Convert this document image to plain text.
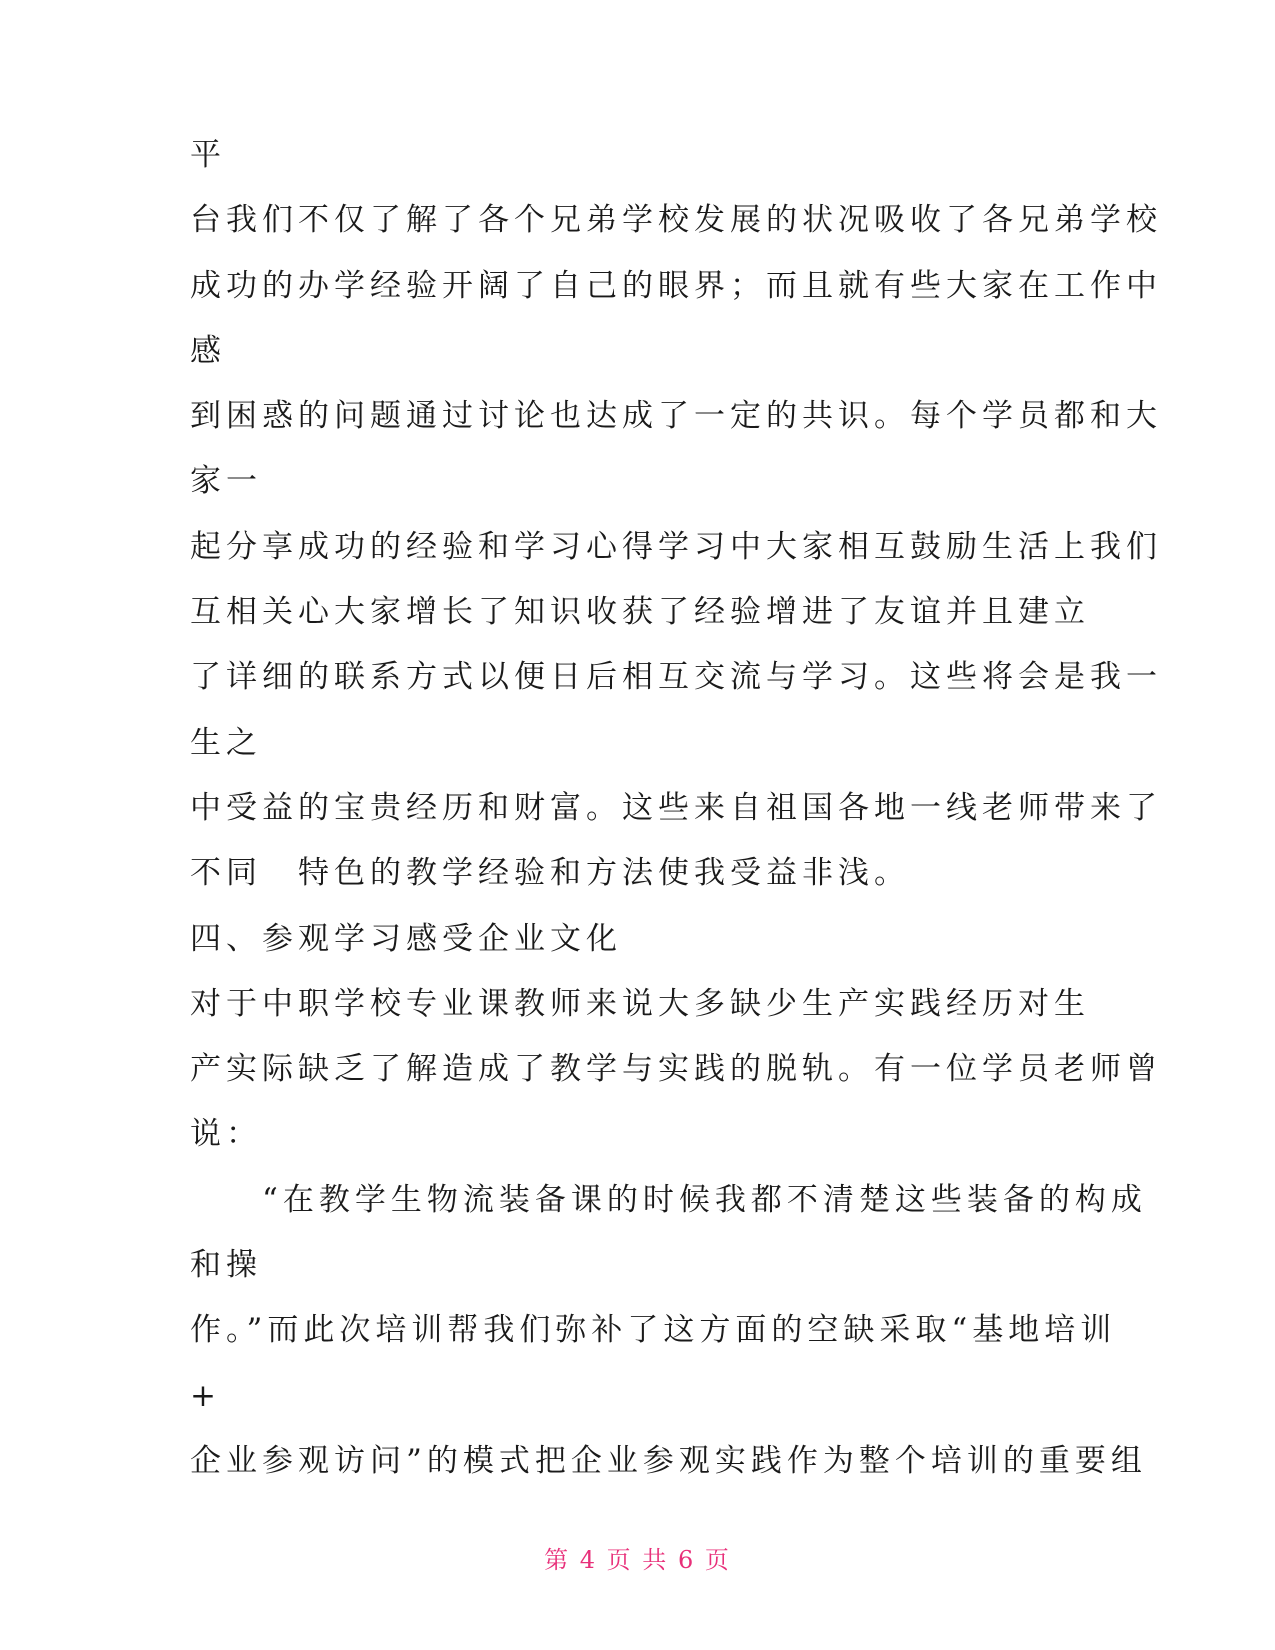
平
台我们不仅了解了各个兄弟学校发展的状况吸收了各兄弟学校
成功的办学经验开阔了自己的眼界；而且就有些大家在工作中
感
到困惑的问题通过讨论也达成了一定的共识。每个学员都和大
家一
起分享成功的经验和学习心得学习中大家相互鼓励生活上我们
互相关心大家增长了知识收获了经验增进了友谊并且建立
了详细的联系方式以便日后相互交流与学习。这些将会是我一
生之
中受益的宝贵经历和财富。这些来自祖国各地一线老师带来了
不同　特色的教学经验和方法使我受益非浅。
四、参观学习感受企业文化
对于中职学校专业课教师来说大多缺少生产实践经历对生
产实际缺乏了解造成了教学与实践的脱轨。有一位学员老师曾
说：
　　“在教学生物流装备课的时候我都不清楚这些装备的构成
和操
作。”而此次培训帮我们弥补了这方面的空缺采取“基地培训
+
企业参观访问”的模式把企业参观实践作为整个培训的重要组
第 4 页 共 6 页
